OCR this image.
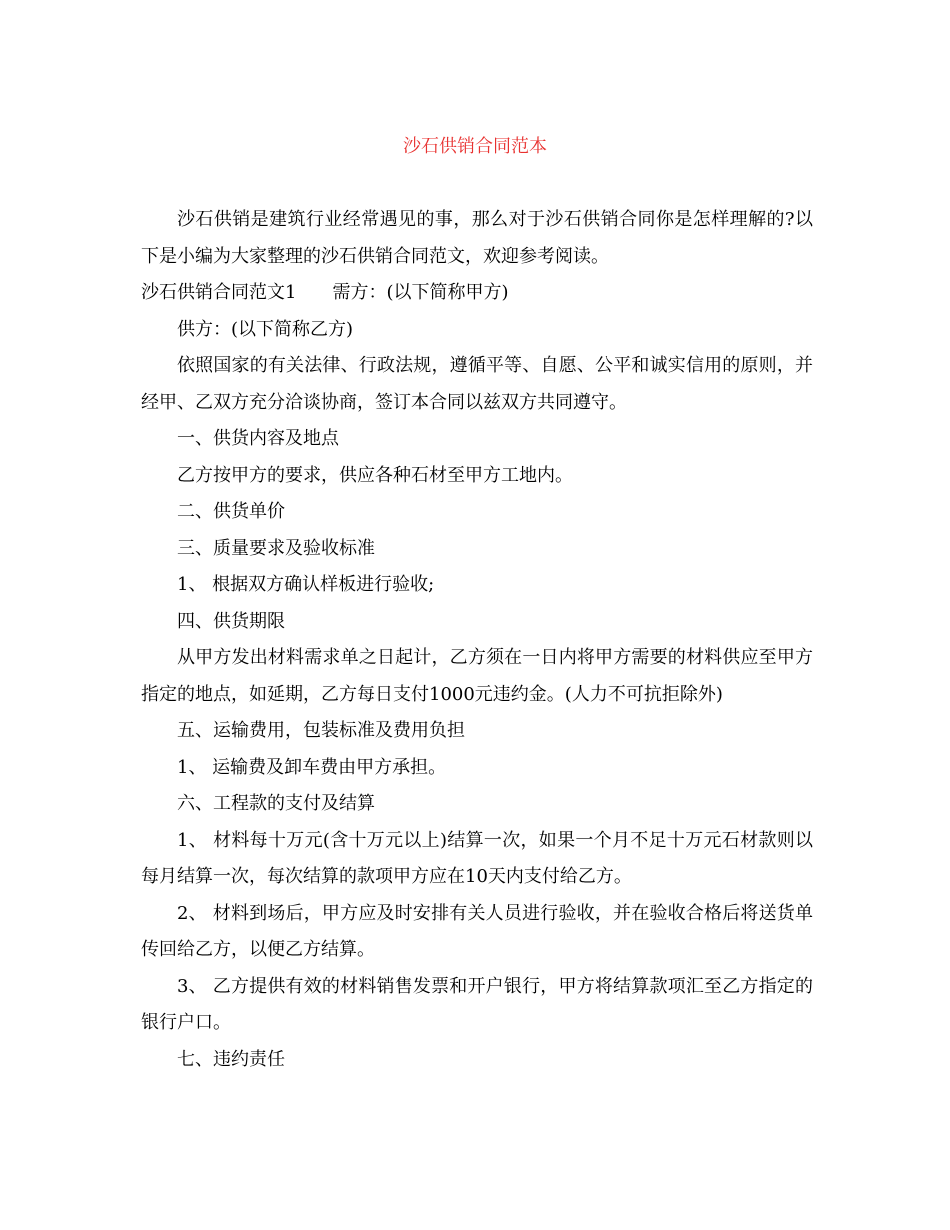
沙石供销合同范本

沙石供销是建筑行业经常遇见的事，那么对于沙石供销合同你是怎样理解的?以下是小编为大家整理的沙石供销合同范文，欢迎参考阅读。

沙石供销合同范文1 需方：(以下简称甲方)

供方：(以下简称乙方)

依照国家的有关法律、行政法规，遵循平等、自愿、公平和诚实信用的原则，并经甲、乙双方充分洽谈协商，签订本合同以兹双方共同遵守。

一、供货内容及地点

乙方按甲方的要求，供应各种石材至甲方工地内。

二、供货单价

三、质量要求及验收标准

1、 根据双方确认样板进行验收;

四、供货期限

从甲方发出材料需求单之日起计，乙方须在一日内将甲方需要的材料供应至甲方指定的地点，如延期，乙方每日支付1000元违约金。(人力不可抗拒除外)

五、运输费用，包装标准及费用负担

1、 运输费及卸车费由甲方承担。

六、工程款的支付及结算

1、 材料每十万元(含十万元以上)结算一次，如果一个月不足十万元石材款则以每月结算一次，每次结算的款项甲方应在10天内支付给乙方。

2、 材料到场后，甲方应及时安排有关人员进行验收，并在验收合格后将送货单传回给乙方，以便乙方结算。

3、 乙方提供有效的材料销售发票和开户银行，甲方将结算款项汇至乙方指定的银行户口。

七、违约责任
